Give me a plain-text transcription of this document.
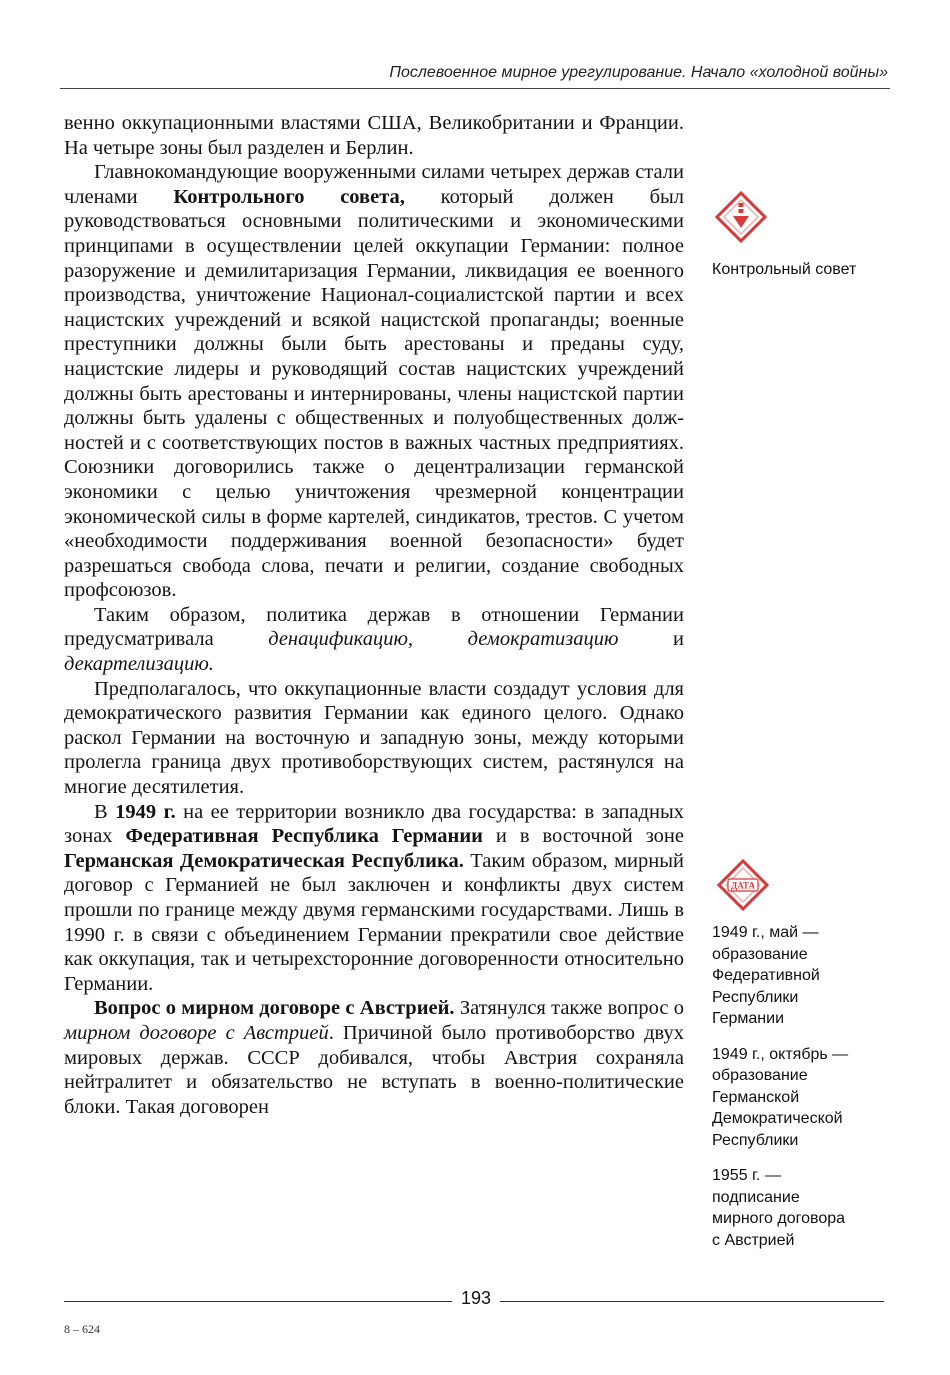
Послевоенное мирное урегулирование. Начало «холодной войны»

венно оккупационными властями США, Великобритании и Франции. На четыре зоны был разделен и Берлин.

Главнокомандующие вооруженными силами четырех держав стали членами Контрольного совета, который должен был руководствоваться основными политическими и экономическими принципами в осуществлении целей оккупации Германии: полное разоружение и демилитаризация Германии, ликвидация ее военного производства, уничтожение Национал-социалистской партии и всех нацистских учреждений и всякой нацистской пропаганды; военные преступники должны были быть арестованы и преданы суду, нацистские лидеры и руководящий состав нацистских учреждений должны быть арестованы и интернированы, члены нацистской партии должны быть удалены с общественных и полуобщественных должностей и с соответствующих постов в важных частных предприятиях. Союзники договорились также о децентрализации германской экономики с целью уничтожения чрезмерной концентрации экономической силы в форме картелей, синдикатов, трестов. С учетом «необходимости поддерживания военной безопасности» будет разрешаться свобода слова, печати и религии, создание свободных профсоюзов.

Таким образом, политика держав в отношении Германии предусматривала денацификацию, демократизацию и декартелизацию.

Предполагалось, что оккупационные власти создадут условия для демократического развития Германии как единого целого. Однако раскол Германии на восточную и западную зоны, между которыми пролегла граница двух противоборствующих систем, растянулся на многие десятилетия.

В 1949 г. на ее территории возникло два государства: в западных зонах Федеративная Республика Германии и в восточной зоне Германская Демократическая Республика. Таким образом, мирный договор с Германией не был заключен и конфликты двух систем прошли по границе между двумя германскими государствами. Лишь в 1990 г. в связи с объединением Германии прекратили свое действие как оккупация, так и четырехсторонние договоренности относительно Германии.

Вопрос о мирном договоре с Австрией. Затянулся также вопрос о мирном договоре с Австрией. Причиной было противоборство двух мировых держав. СССР добивался, чтобы Австрия сохраняла нейтралитет и обязательство не вступать в военно-политические блоки. Такая договорен

Контрольный совет
ДАТА
1949 г., май —
образование
Федеративной
Республики
Германии
1949 г., октябрь —
образование
Германской
Демократической
Республики
1955 г. —
подписание
мирного договора
с Австрией
193
8 – 624
